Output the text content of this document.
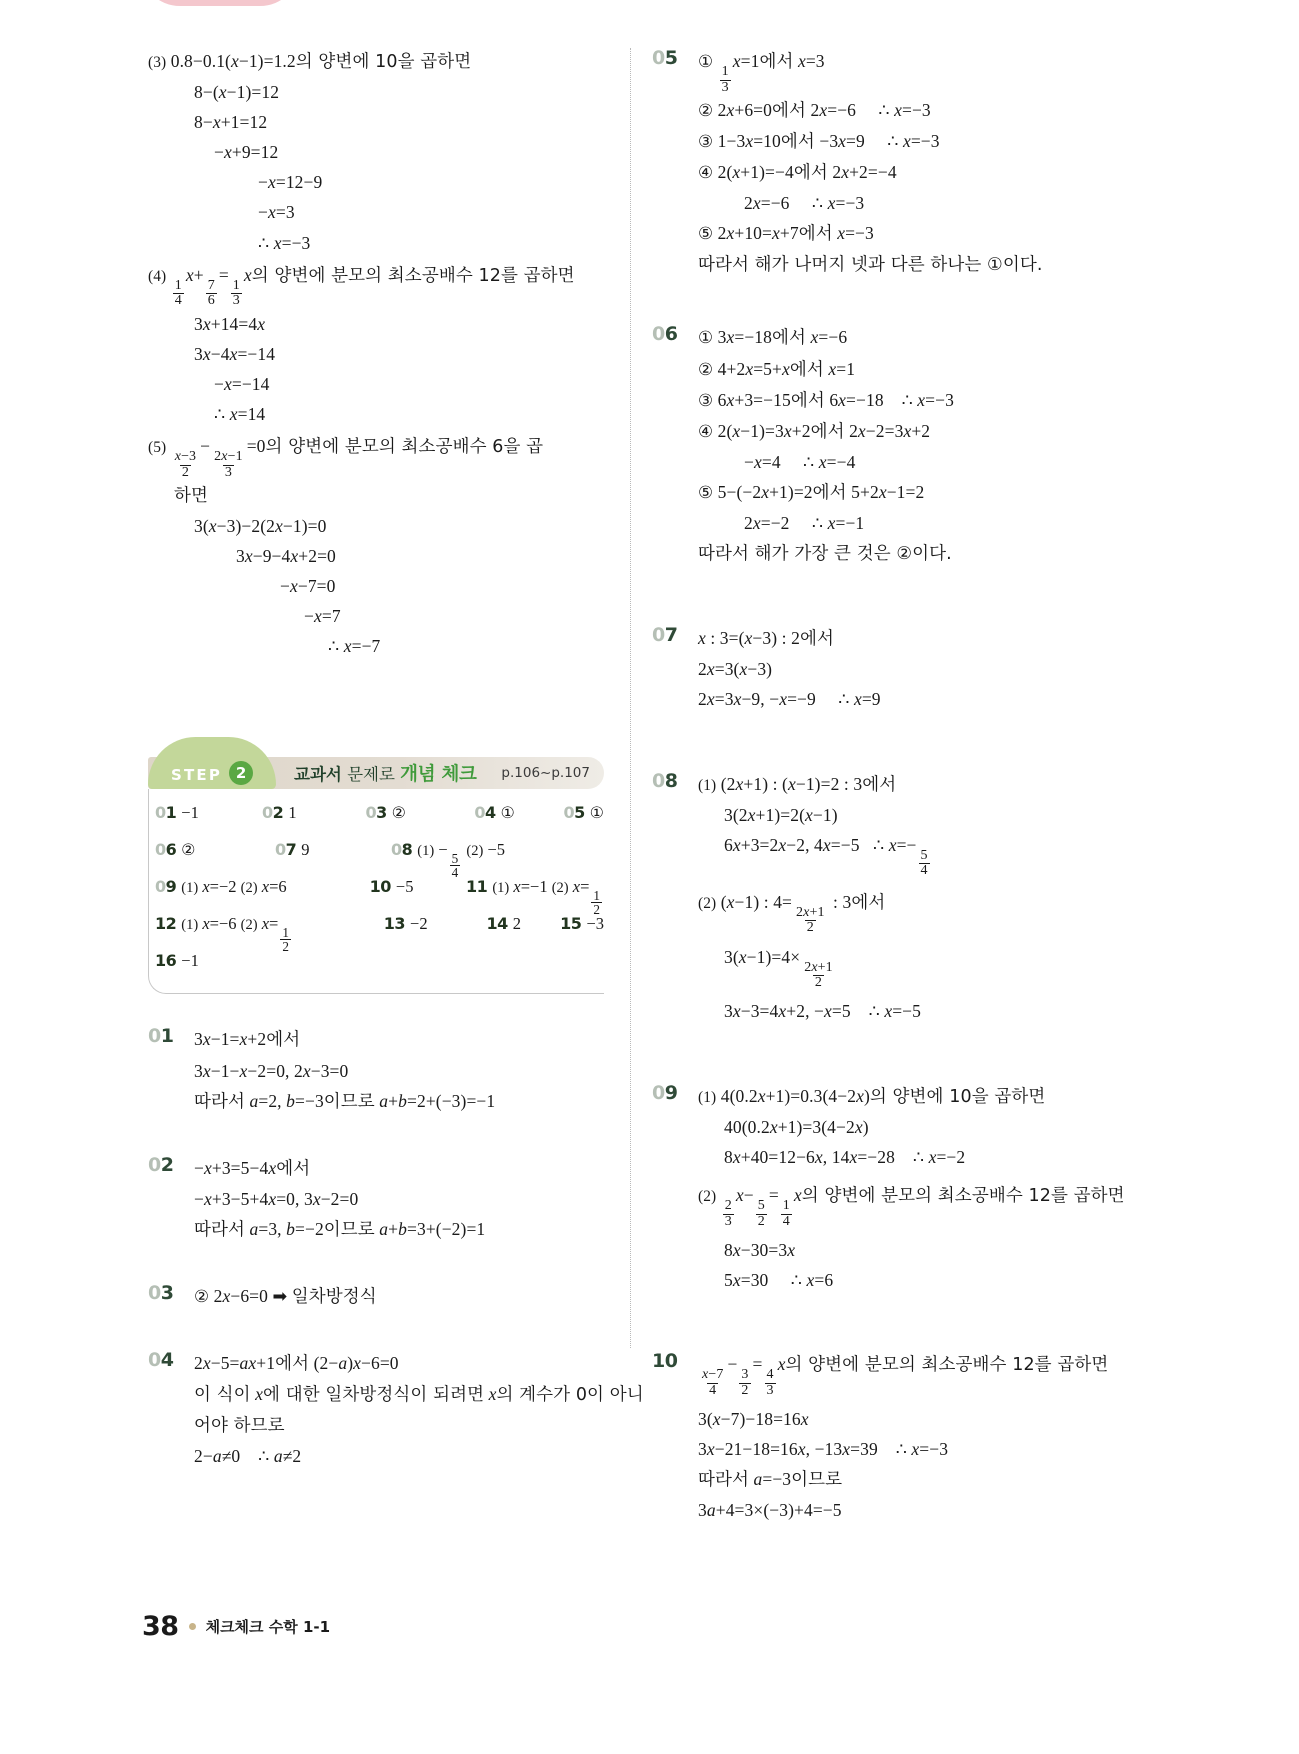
(3) 0.8−0.1(x−1)=1.2의 양변에 10을 곱하면
8−(x−1)=12
8−x+1=12
−x+9=12
−x=12−9
−x=3
∴ x=−3
(4)
$\frac{1}{4}$
x+
$\frac{7}{6}$
=
$\frac{1}{3}$
x의 양변에 분모의 최소공배수 12를 곱하면
3x+14=4x
3x−4x=−14
−x=−14
∴ x=14
(5)
$\frac{x-3}{2}$
−
$\frac{2x-1}{3}$
=0의 양변에 분모의 최소공배수 6을 곱
하면
3(x−3)−2(2x−1)=0
3x−9−4x+2=0
−x−7=0
−x=7
∴ x=−7
STEP 2	교과서 문제로 개념 체크 p.106~p.107
01 −1	02 1	03 ②	04 ①	05 ①
06 ②	07 9	08 (1) −
$\frac{5}{4}$
(2) −5
09 (1) x=−2 (2) x=6	10 −5	11 (1) x=−1 (2) x=
$\frac{1}{2}$
12 (1) x=−6 (2) x=
$\frac{1}{2}$
13 −2	14 2 15 −3
16 −1
01	3x−1=x+2에서
3x−1−x−2=0, 2x−3=0
따라서 a=2, b=−3이므로 a+b=2+(−3)=−1
02	−x+3=5−4x에서
−x+3−5+4x=0, 3x−2=0
따라서 a=3, b=−2이므로 a+b=3+(−2)=1
03	② 2x−6=0 ➡ 일차방정식
04	2x−5=ax+1에서 (2−a)x−6=0
이 식이 x에 대한 일차방정식이 되려면 x의 계수가 0이 아니
어야 하므로
2−a≠0    ∴ a≠2
05	①
$\frac{1}{3}$
x=1에서 x=3
② 2x+6=0에서 2x=−6     ∴ x=−3
③ 1−3x=10에서 −3x=9     ∴ x=−3
④ 2(x+1)=−4에서 2x+2=−4
2x=−6     ∴ x=−3
⑤ 2x+10=x+7에서 x=−3
따라서 해가 나머지 넷과 다른 하나는 ①이다.
06	① 3x=−18에서 x=−6
② 4+2x=5+x에서 x=1
③ 6x+3=−15에서 6x=−18    ∴ x=−3
④ 2(x−1)=3x+2에서 2x−2=3x+2
−x=4     ∴ x=−4
⑤ 5−(−2x+1)=2에서 5+2x−1=2
2x=−2     ∴ x=−1
따라서 해가 가장 큰 것은 ②이다.
07	x : 3=(x−3) : 2에서
2x=3(x−3)
2x=3x−9, −x=−9     ∴ x=9
08	(1) (2x+1) : (x−1)=2 : 3에서
3(2x+1)=2(x−1)
6x+3=2x−2, 4x=−5   ∴ x=−
$\frac{5}{4}$
(2) (x−1) : 4=
$\frac{2x+1}{2}$
: 3에서
3(x−1)=4×
$\frac{2x+1}{2}$
3x−3=4x+2, −x=5    ∴ x=−5
09	(1) 4(0.2x+1)=0.3(4−2x)의 양변에 10을 곱하면
40(0.2x+1)=3(4−2x)
8x+40=12−6x, 14x=−28    ∴ x=−2
(2)
$\frac{2}{3}$
x−
$\frac{5}{2}$
=
$\frac{1}{4}$
x의 양변에 분모의 최소공배수 12를 곱하면
8x−30=3x
5x=30     ∴ x=6
10
$\frac{x-7}{4}$
−
$\frac{3}{2}$
=
$\frac{4}{3}$
x의 양변에 분모의 최소공배수 12를 곱하면
3(x−7)−18=16x
3x−21−18=16x, −13x=39    ∴ x=−3
따라서 a=−3이므로
3a+4=3×(−3)+4=−5
38 체크체크 수학 1-1
